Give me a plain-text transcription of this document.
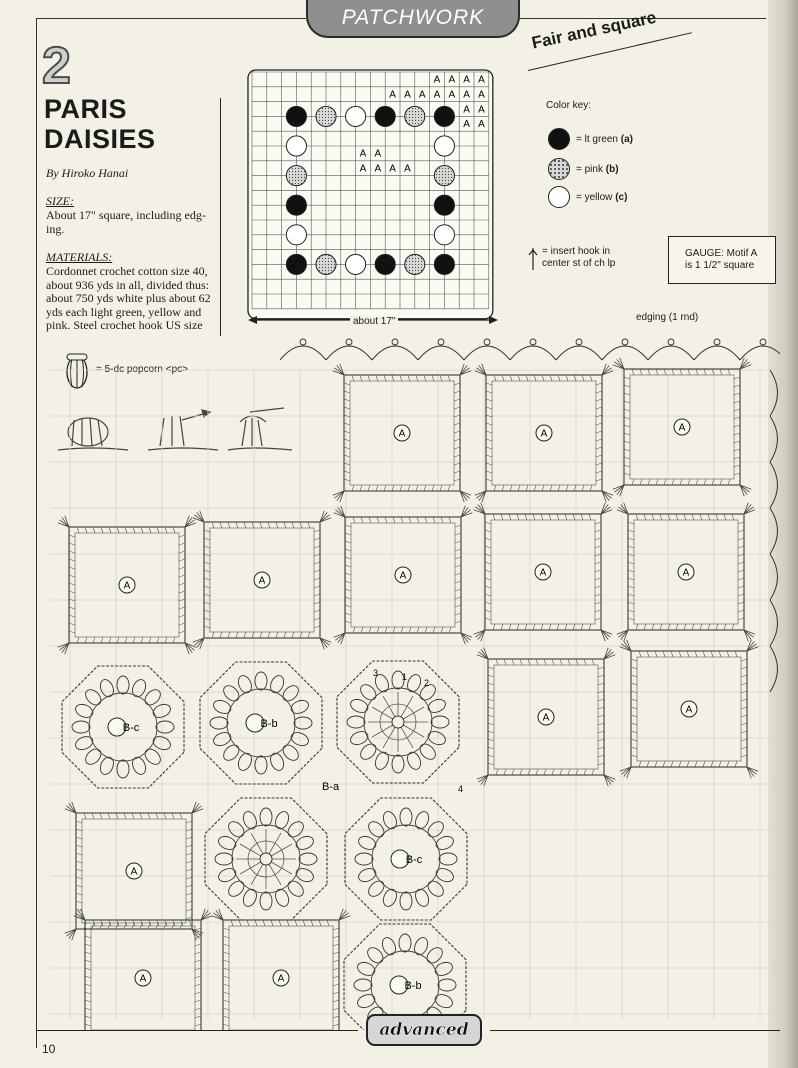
PATCHWORK
2
PARIS
DAISIES
By Hiroko Hanai
SIZE:
About 17" square, including edg-ing.
MATERIALS:
Cordonnet crochet cotton size 40, about 936 yds in all, divided thus: about 750 yds white plus about 62 yds each light green, yellow and pink. Steel crochet hook US size
A A A A
A A A A A A A
A A
A A
A A
A A A A
about 17"
Fair and square
Color key:
= lt green
(a)
= pink
(b)
= yellow
(c)
= insert hook in
center st of ch lp
GAUGE: Motif A
is 1 1/2" square
edging (1 rnd)
= 5-dc popcorn <pc>
A	A
A
A	A	A	A	A
A
A
A
A	A
B-c	B-b
B-c
B-b
B-a
1
2
3
4
advanced
10
